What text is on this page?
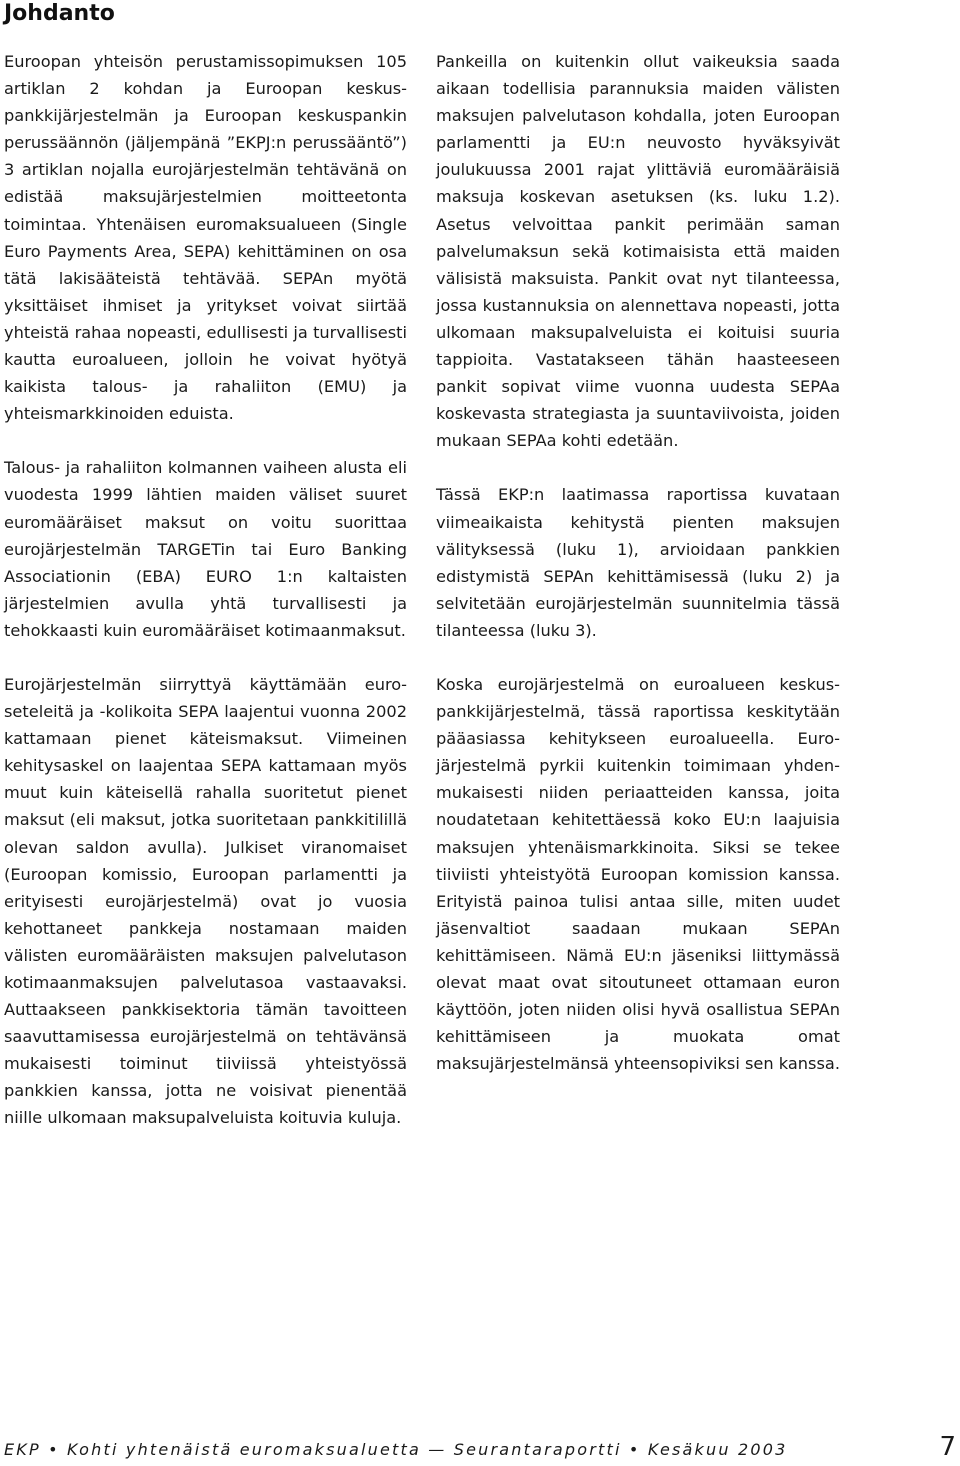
Johdanto

Euroopan yhteisön perustamissopimuksen 105 artiklan 2 kohdan ja Euroopan keskuspankkijärjestelmän ja Euroopan keskuspankin perussäännön (jäljempänä ”EKPJ:n perussääntö”) 3 artiklan nojalla eurojärjestelmän tehtävänä on edistää maksujärjestelmien moitteetonta toimintaa. Yhtenäisen euromaksualueen (Single Euro Payments Area, SEPA) kehittäminen on osa tätä lakisääteistä tehtävää. SEPAn myötä yksittäiset ihmiset ja yritykset voivat siirtää yhteistä rahaa nopeasti, edullisesti ja turvallisesti kautta euroalueen, jolloin he voivat hyötyä kaikista talous- ja rahaliiton (EMU) ja yhteismarkkinoiden eduista.

Talous- ja rahaliiton kolmannen vaiheen alusta eli vuodesta 1999 lähtien maiden väliset suuret euromääräiset maksut on voitu suorittaa eurojärjestelmän TARGETin tai Euro Banking Associationin (EBA) EURO 1:n kaltaisten järjestelmien avulla yhtä turvallisesti ja tehokkaasti kuin euromääräiset kotimaanmaksut.

Eurojärjestelmän siirryttyä käyttämään euroseteleitä ja -kolikoita SEPA laajentui vuonna 2002 kattamaan pienet käteismaksut. Viimeinen kehitysaskel on laajentaa SEPA kattamaan myös muut kuin käteisellä rahalla suoritetut pienet maksut (eli maksut, jotka suoritetaan pankkitilillä olevan saldon avulla). Julkiset viranomaiset (Euroopan komissio, Euroopan parlamentti ja erityisesti eurojärjestelmä) ovat jo vuosia kehottaneet pankkeja nostamaan maiden välisten euromääräisten maksujen palvelutason kotimaanmaksujen palvelutasoa vastaavaksi. Auttaakseen pankkisektoria tämän tavoitteen saavuttamisessa eurojärjestelmä on tehtävänsä mukaisesti toiminut tiiviissä yhteistyössä pankkien kanssa, jotta ne voisivat pienentää niille ulkomaan maksupalveluista koituvia kuluja.

Pankeilla on kuitenkin ollut vaikeuksia saada aikaan todellisia parannuksia maiden välisten maksujen palvelutason kohdalla, joten Euroopan parlamentti ja EU:n neuvosto hyväksyivät joulukuussa 2001 rajat ylittäviä euromääräisiä maksuja koskevan asetuksen (ks. luku 1.2). Asetus velvoittaa pankit perimään saman palvelumaksun sekä kotimaisista että maiden välisistä maksuista. Pankit ovat nyt tilanteessa, jossa kustannuksia on alennettava nopeasti, jotta ulkomaan maksupalveluista ei koituisi suuria tappioita. Vastatakseen tähän haasteeseen pankit sopivat viime vuonna uudesta SEPAa koskevasta strategiasta ja suuntaviivoista, joiden mukaan SEPAa kohti edetään.

Tässä EKP:n laatimassa raportissa kuvataan viimeaikaista kehitystä pienten maksujen välityksessä (luku 1), arvioidaan pankkien edistymistä SEPAn kehittämisessä (luku 2) ja selvitetään eurojärjestelmän suunnitelmia tässä tilanteessa (luku 3).

Koska eurojärjestelmä on euroalueen keskuspankkijärjestelmä, tässä raportissa keskitytään pääasiassa kehitykseen euroalueella. Eurojärjestelmä pyrkii kuitenkin toimimaan yhdenmukaisesti niiden periaatteiden kanssa, joita noudatetaan kehitettäessä koko EU:n laajuisia maksujen yhtenäismarkkinoita. Siksi se tekee tiiviisti yhteistyötä Euroopan komission kanssa. Erityistä painoa tulisi antaa sille, miten uudet jäsenvaltiot saadaan mukaan SEPAn kehittämiseen. Nämä EU:n jäseniksi liittymässä olevat maat ovat sitoutuneet ottamaan euron käyttöön, joten niiden olisi hyvä osallistua SEPAn kehittämiseen ja muokata omat maksujärjestelmänsä yhteensopiviksi sen kanssa.

EKP • Kohti yhtenäistä euromaksualuetta — Seurantaraportti • Kesäkuu 2003	7
